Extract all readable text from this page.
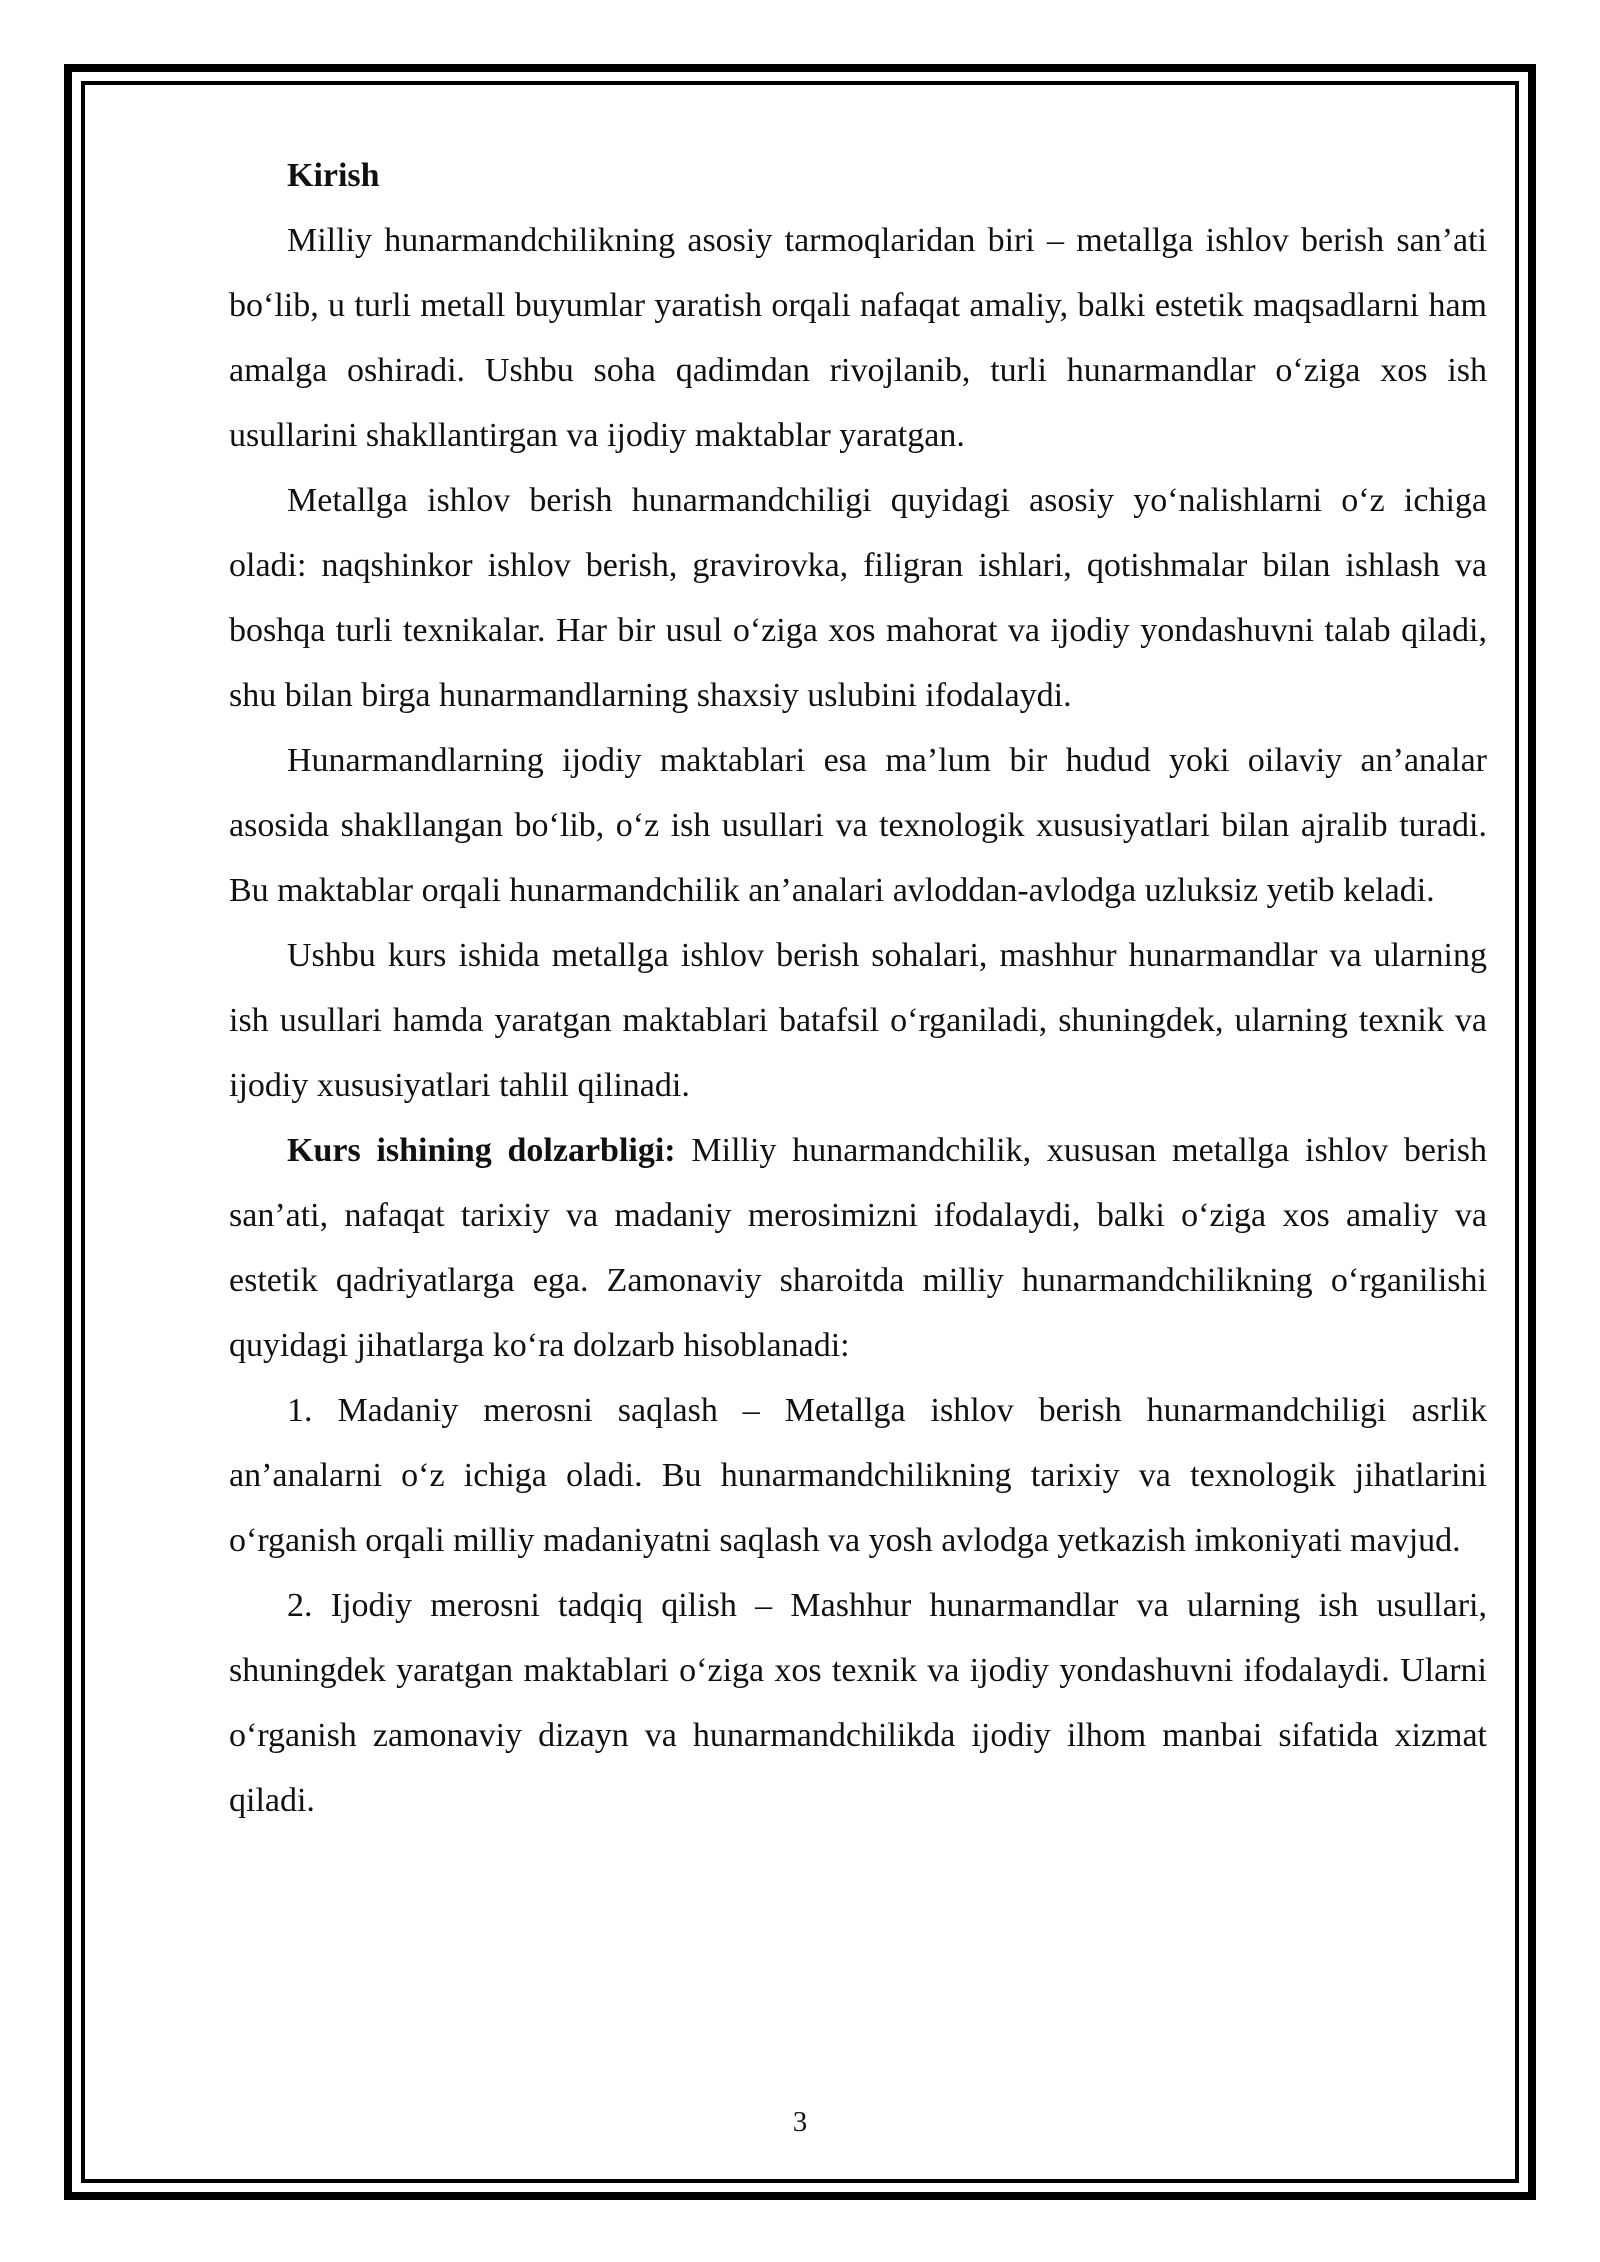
Kirish

Milliy hunarmandchilikning asosiy tarmoqlaridan biri – metallga ishlov berish san’ati bo‘lib, u turli metall buyumlar yaratish orqali nafaqat amaliy, balki estetik maqsadlarni ham amalga oshiradi. Ushbu soha qadimdan rivojlanib, turli hunarmandlar o‘ziga xos ish usullarini shakllantirgan va ijodiy maktablar yaratgan.

Metallga ishlov berish hunarmandchiligi quyidagi asosiy yo‘nalishlarni o‘z ichiga oladi: naqshinkor ishlov berish, gravirovka, filigran ishlari, qotishmalar bilan ishlash va boshqa turli texnikalar. Har bir usul o‘ziga xos mahorat va ijodiy yondashuvni talab qiladi, shu bilan birga hunarmandlarning shaxsiy uslubini ifodalaydi.

Hunarmandlarning ijodiy maktablari esa ma’lum bir hudud yoki oilaviy an’analar asosida shakllangan bo‘lib, o‘z ish usullari va texnologik xususiyatlari bilan ajralib turadi. Bu maktablar orqali hunarmandchilik an’analari avloddan-avlodga uzluksiz yetib keladi.

Ushbu kurs ishida metallga ishlov berish sohalari, mashhur hunarmandlar va ularning ish usullari hamda yaratgan maktablari batafsil o‘rganiladi, shuningdek, ularning texnik va ijodiy xususiyatlari tahlil qilinadi.

Kurs ishining dolzarbligi: Milliy hunarmandchilik, xususan metallga ishlov berish san’ati, nafaqat tarixiy va madaniy merosimizni ifodalaydi, balki o‘ziga xos amaliy va estetik qadriyatlarga ega. Zamonaviy sharoitda milliy hunarmandchilikning o‘rganilishi quyidagi jihatlarga ko‘ra dolzarb hisoblanadi:

1. Madaniy merosni saqlash – Metallga ishlov berish hunarmandchiligi asrlik an’analarni o‘z ichiga oladi. Bu hunarmandchilikning tarixiy va texnologik jihatlarini o‘rganish orqali milliy madaniyatni saqlash va yosh avlodga yetkazish imkoniyati mavjud.

2. Ijodiy merosni tadqiq qilish – Mashhur hunarmandlar va ularning ish usullari, shuningdek yaratgan maktablari o‘ziga xos texnik va ijodiy yondashuvni ifodalaydi. Ularni o‘rganish zamonaviy dizayn va hunarmandchilikda ijodiy ilhom manbai sifatida xizmat qiladi.

3
